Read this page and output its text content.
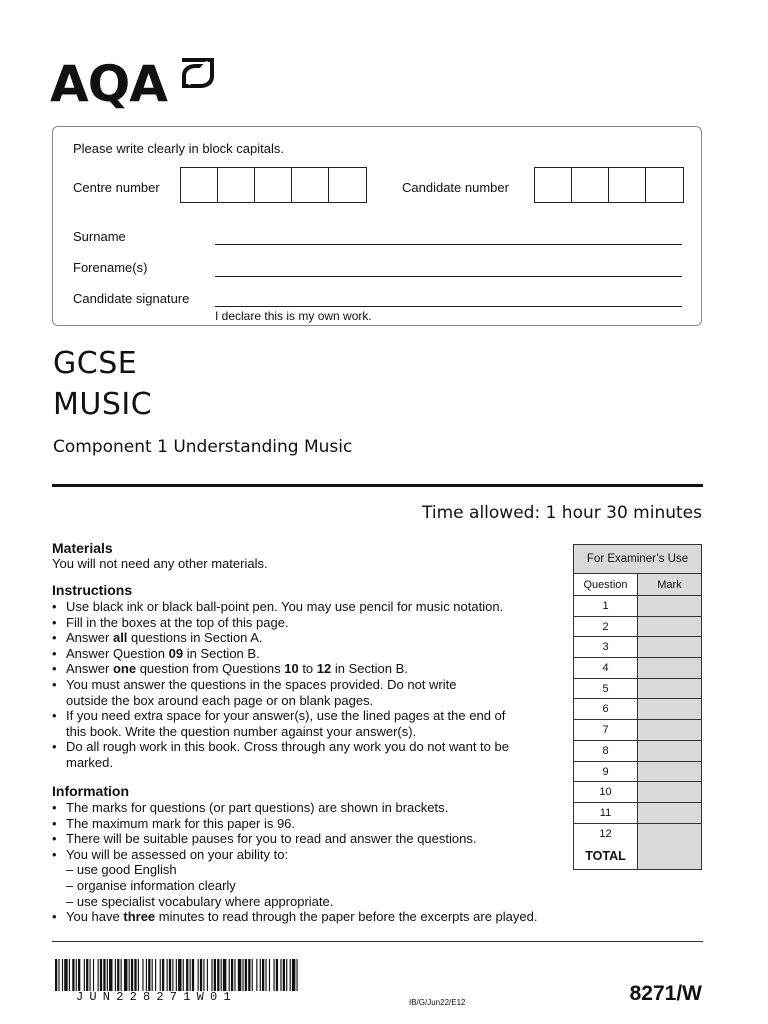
AQA
Please write clearly in block capitals.
Centre number	Candidate number
Surname
Forename(s)
Candidate signature
I declare this is my own work.
GCSE
MUSIC
Component 1 Understanding Music
Time allowed: 1 hour 30 minutes
Materials
You will not need any other materials.
Instructions
• Use black ink or black ball-point pen. You may use pencil for music notation.
• Fill in the boxes at the top of this page.
• Answer all questions in Section A.
• Answer Question 09 in Section B.
• Answer one question from Questions 10 to 12 in Section B.
• You must answer the questions in the spaces provided. Do not write
outside the box around each page or on blank pages.
• If you need extra space for your answer(s), use the lined pages at the end of
this book. Write the question number against your answer(s).
• Do all rough work in this book. Cross through any work you do not want to be
marked.
Information
• The marks for questions (or part questions) are shown in brackets.
• The maximum mark for this paper is 96.
• There will be suitable pauses for you to read and answer the questions.
• You will be assessed on your ability to:
– use good English
– organise information clearly
– use specialist vocabulary where appropriate.
• You have three minutes to read through the paper before the excerpts are played.
For Examiner’s Use
Question	Mark
1
2
3
4
5
6
7
8
9
10
11
12
TOTAL
JUN228271W01	IB/G/Jun22/E12	8271/W
